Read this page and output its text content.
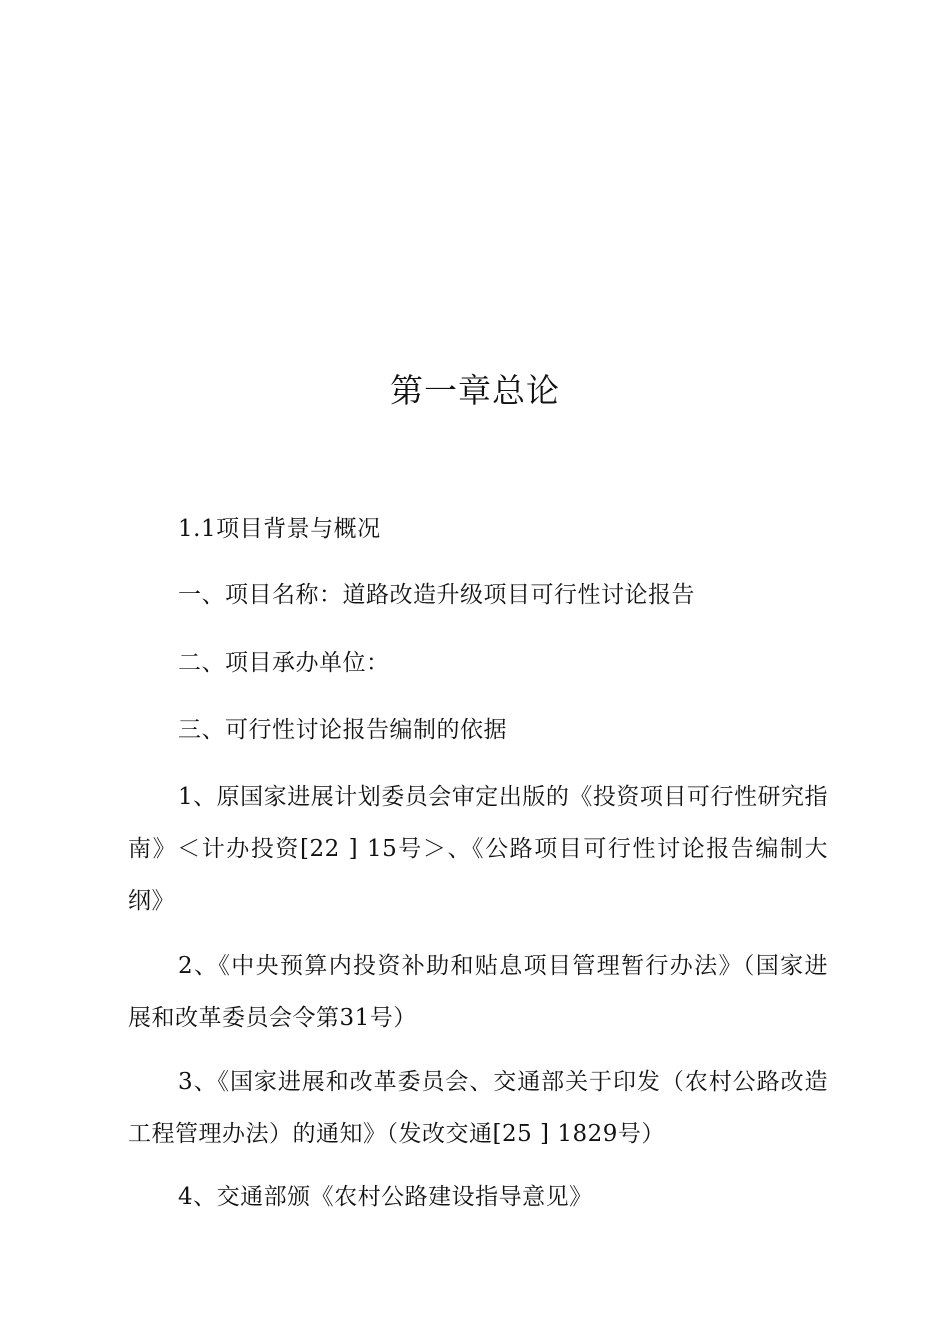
第一章总论
1.1项目背景与概况
一、项目名称：道路改造升级项目可行性讨论报告
二、项目承办单位：
三、可行性讨论报告编制的依据
1、原国家进展计划委员会审定出版的《投资项目可行性研究指南》＜计办投资[22 ] 15号＞、《公路项目可行性讨论报告编制大纲》
2、《中央预算内投资补助和贴息项目管理暂行办法》（国家进展和改革委员会令第31号）
3、《国家进展和改革委员会、交通部关于印发（农村公路改造工程管理办法）的通知》（发改交通[25 ] 1829号）
4、交通部颁《农村公路建设指导意见》
